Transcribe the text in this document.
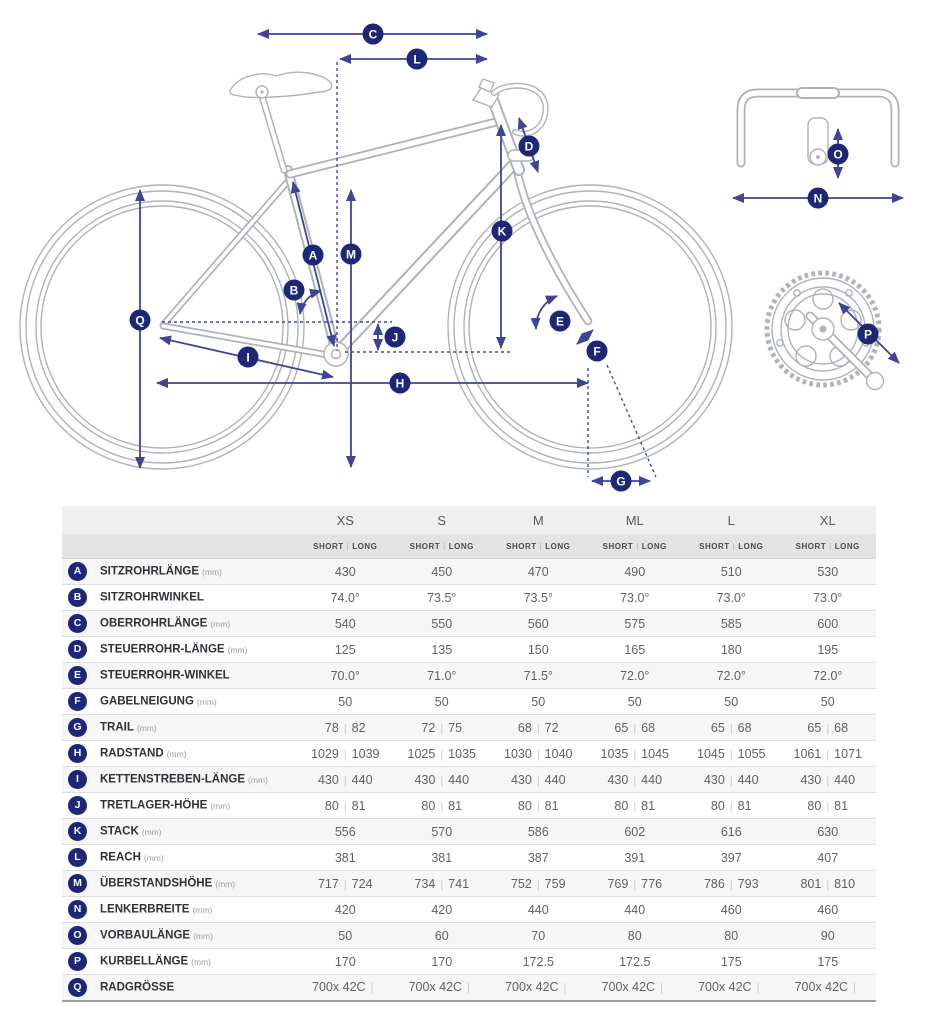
A
B
C
D
E
F
G
H
I
J
K
L
M
N
O
P
Q
	XS	S	M	ML	L	XL
	SHORT | LONG	SHORT | LONG	SHORT | LONG	SHORT | LONG	SHORT | LONG	SHORT | LONG
A SITZROHRLÄNGE (mm)	430	450	470	490	510	530
B SITZROHRWINKEL	74.0°	73.5°	73.5°	73.0°	73.0°	73.0°
C OBERROHRLÄNGE (mm)	540	550	560	575	585	600
D STEUERROHR-LÄNGE (mm)	125	135	150	165	180	195
E STEUERROHR-WINKEL	70.0°	71.0°	71.5°	72.0°	72.0°	72.0°
F GABELNEIGUNG (mm)	50	50	50	50	50	50
G TRAIL (mm)	78 | 82	72 | 75	68 | 72	65 | 68	65 | 68	65 | 68
H RADSTAND (mm)	1029 | 1039	1025 | 1035	1030 | 1040	1035 | 1045	1045 | 1055	1061 | 1071
I KETTENSTREBEN-LÄNGE (mm)	430 | 440	430 | 440	430 | 440	430 | 440	430 | 440	430 | 440
J TRETLAGER-HÖHE (mm)	80 | 81	80 | 81	80 | 81	80 | 81	80 | 81	80 | 81
K STACK (mm)	556	570	586	602	616	630
L REACH (mm)	381	381	387	391	397	407
M ÜBERSTANDSHÖHE (mm)	717 | 724	734 | 741	752 | 759	769 | 776	786 | 793	801 | 810
N LENKERBREITE (mm)	420	420	440	440	460	460
O VORBAULÄNGE (mm)	50	60	70	80	80	90
P KURBELLÄNGE (mm)	170	170	172.5	172.5	175	175
Q RADGRÖSSE	700x 42C |	700x 42C |	700x 42C |	700x 42C |	700x 42C |	700x 42C |
